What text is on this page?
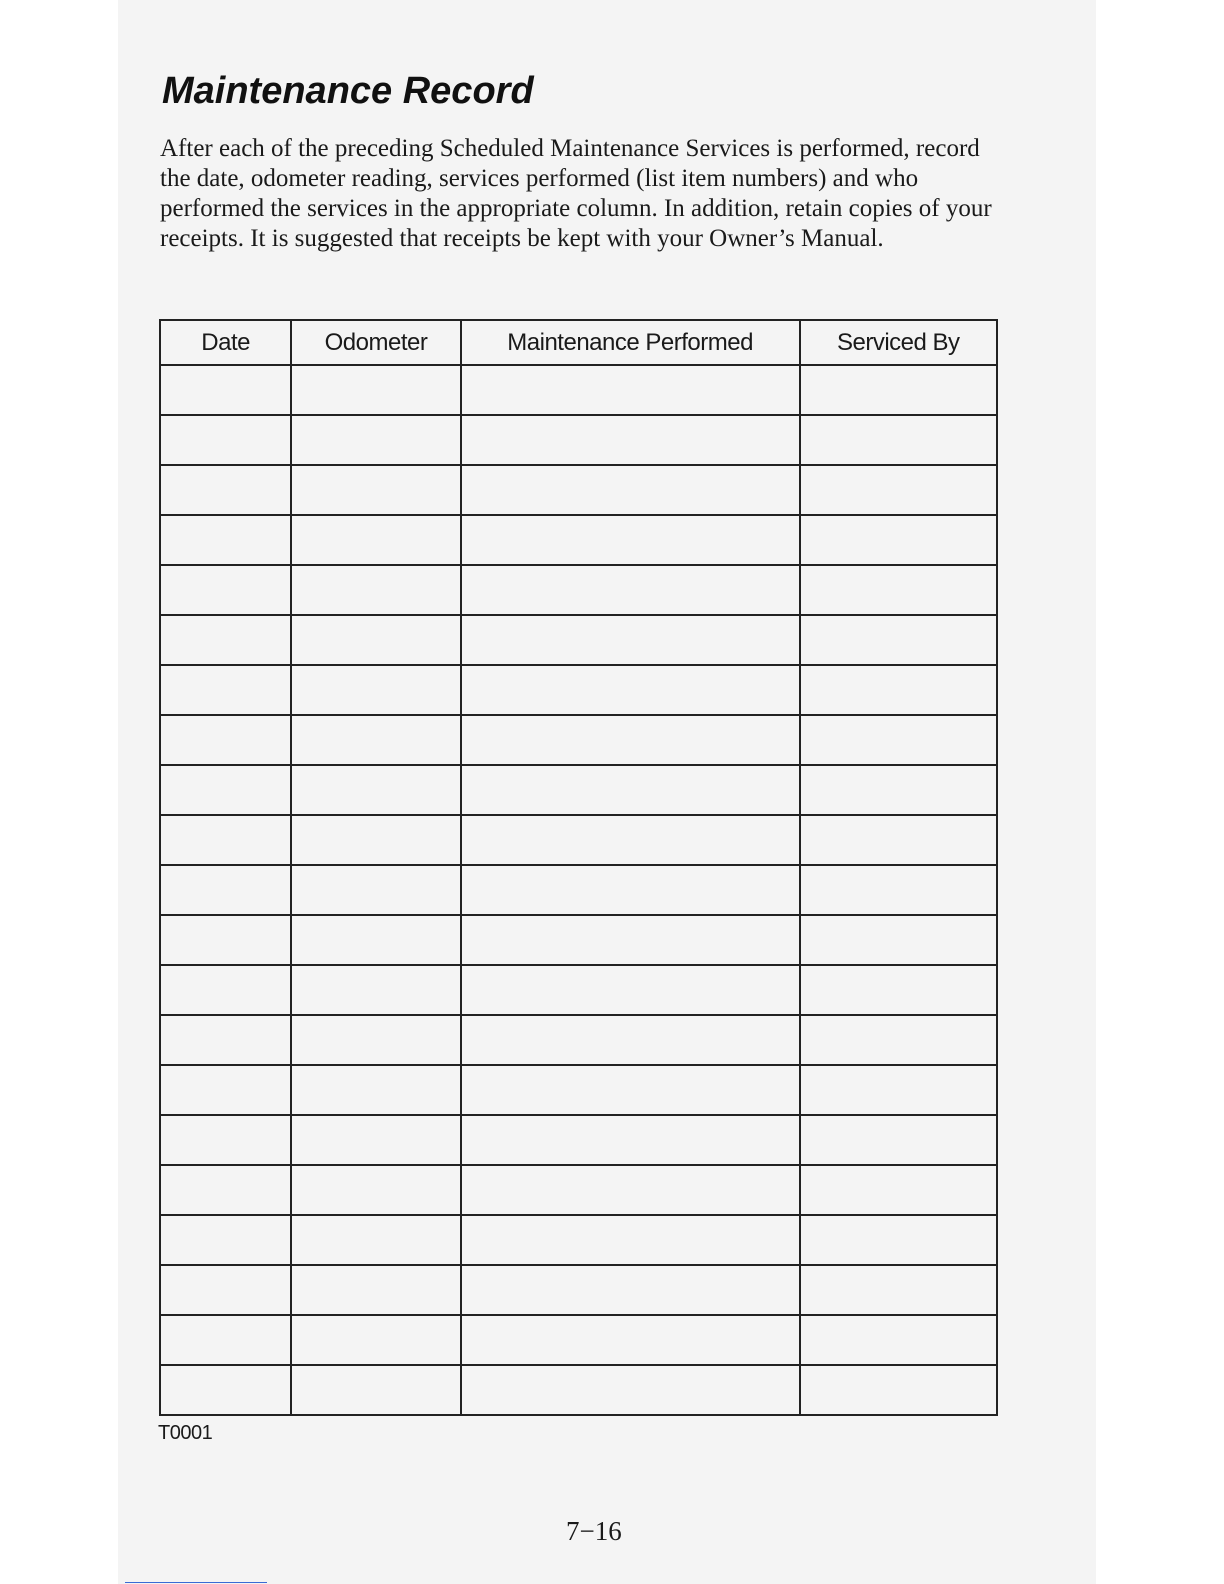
Maintenance Record

After each of the preceding Scheduled Maintenance Services is performed, record the date, odometer reading, services performed (list item numbers) and who performed the services in the appropriate column. In addition, retain copies of your receipts. It is suggested that receipts be kept with your Owner’s Manual.

Date	Odometer	Maintenance Performed	Serviced By

T0001
7−16
